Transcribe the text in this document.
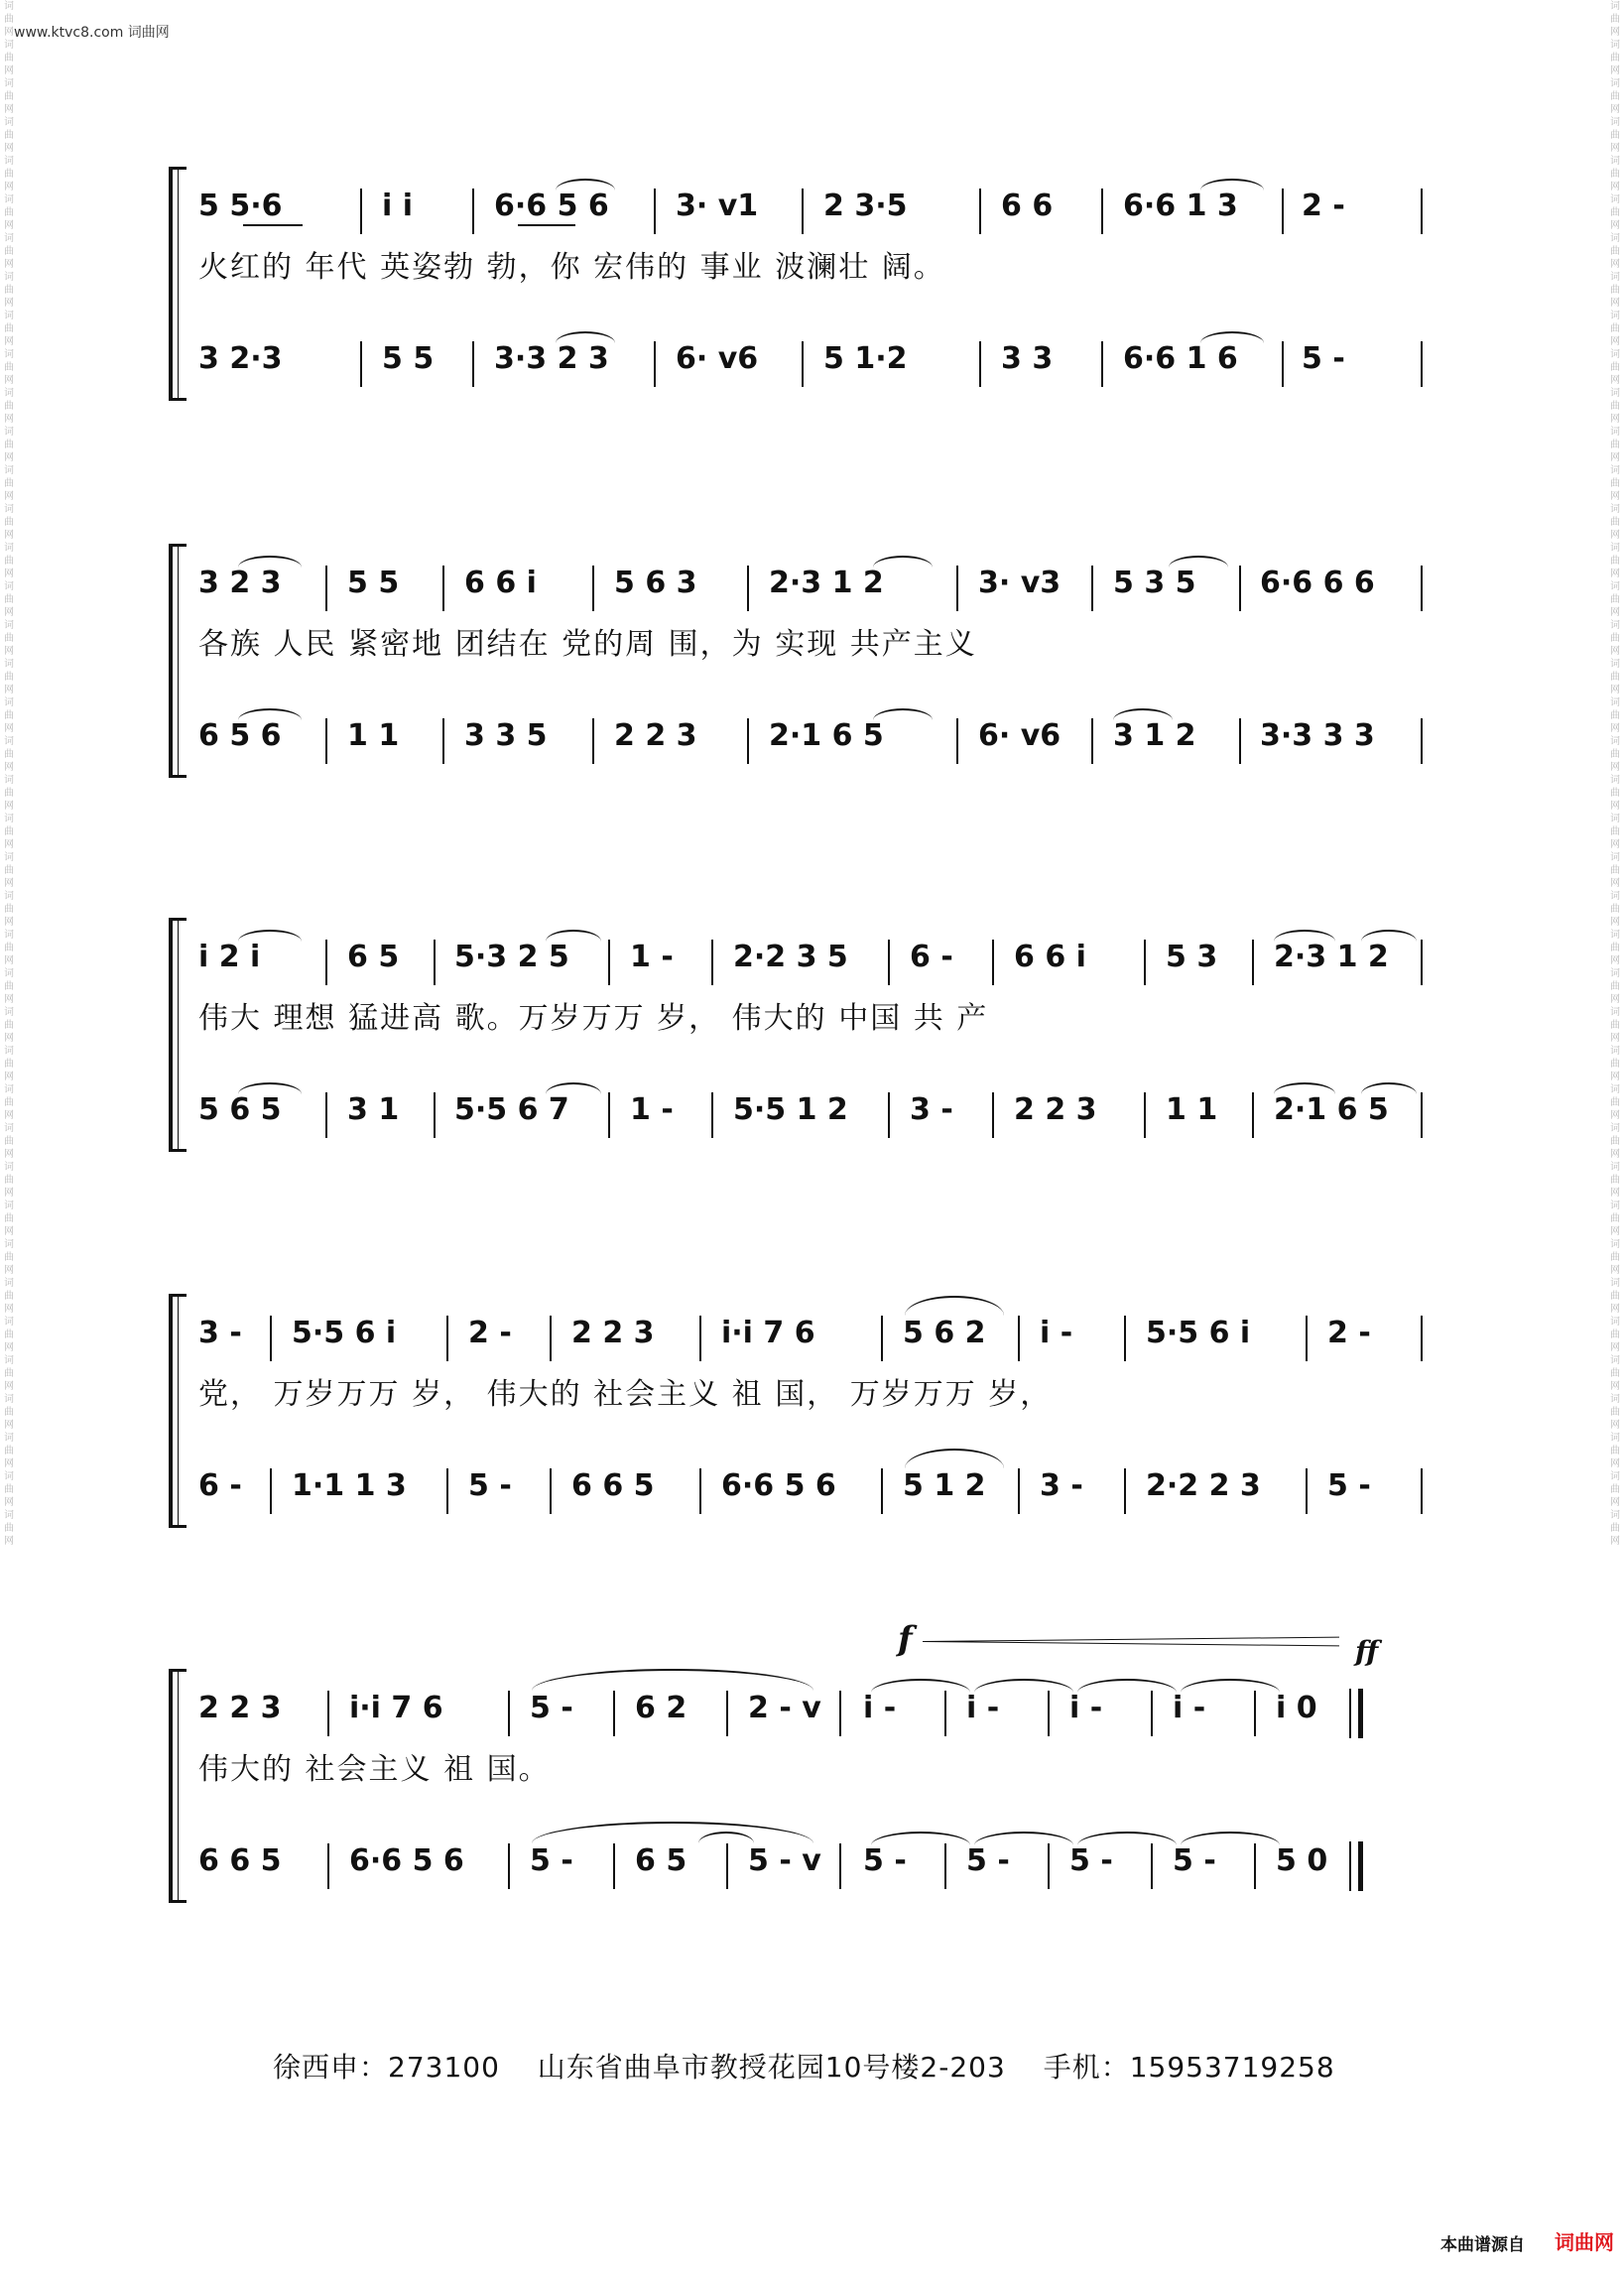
www.ktvc8.com 词曲网
词曲网词曲网词曲网词曲网词曲网词曲网词曲网词曲网词曲网词曲网词曲网词曲网词曲网词曲网词曲网词曲网词曲网词曲网词曲网词曲网词曲网词曲网词曲网词曲网词曲网词曲网词曲网词曲网词曲网词曲网词曲网词曲网词曲网词曲网词曲网词曲网词曲网词曲网词曲网词曲网
词曲网词曲网词曲网词曲网词曲网词曲网词曲网词曲网词曲网词曲网词曲网词曲网词曲网词曲网词曲网词曲网词曲网词曲网词曲网词曲网词曲网词曲网词曲网词曲网词曲网词曲网词曲网词曲网词曲网词曲网词曲网词曲网词曲网词曲网词曲网词曲网词曲网词曲网词曲网词曲网
5 5·6	i i	6·6 5 6 3· v1 2 3·5	6 6 6·6 1 3 2 -
火红的 年代 英姿勃 勃，你 宏伟的 事业 波澜壮 阔。
3 2·3	5 5 3·3 2 3 6· v6 5 1·2	3 3 6·6 1 6 5 -
3 2 3 5 5 6 6 i	5 6 3 2·3 1 2	3· v3 5 3 5 6·6 6 6
各族 人民 紧密地 团结在 党的周 围，为 实现 共产主义
6 5 6 1 1 3 3 5 2 2 3 2·1 6 5	6· v6 3 1 2 3·3 3 3
i 2 i	6 5 5·3 2 5 1 - 2·2 3 5 6 - 6 6 i	5 3 2·3 1 2
伟大 理想 猛进高 歌。万岁万万 岁， 伟大的 中国 共 产
5 6 5 3 1 5·5 6 7 1 - 5·5 1 2 3 - 2 2 3 1 1 2·1 6 5
3 - 5·5 6 i 2 - 2 2 3 i·i 7 6	5 6 2 i - 5·5 6 i	2 -
党， 万岁万万 岁， 伟大的 社会主义 祖 国， 万岁万万 岁，
6 - 1·1 1 3 5 - 6 6 5 6·6 5 6 5 1 2 3 - 2·2 2 3 5 -
f	ff
2 2 3 i·i 7 6	5 - 6 2 2 - v i - i - i - i - i 0
伟大的 社会主义 祖 国。
6 6 5 6·6 5 6 5 - 6 5 5 - v 5 - 5 - 5 - 5 - 5 0
徐西申：273100 山东省曲阜市教授花园10号楼2-203 手机：15953719258
本曲谱源自 词曲网
